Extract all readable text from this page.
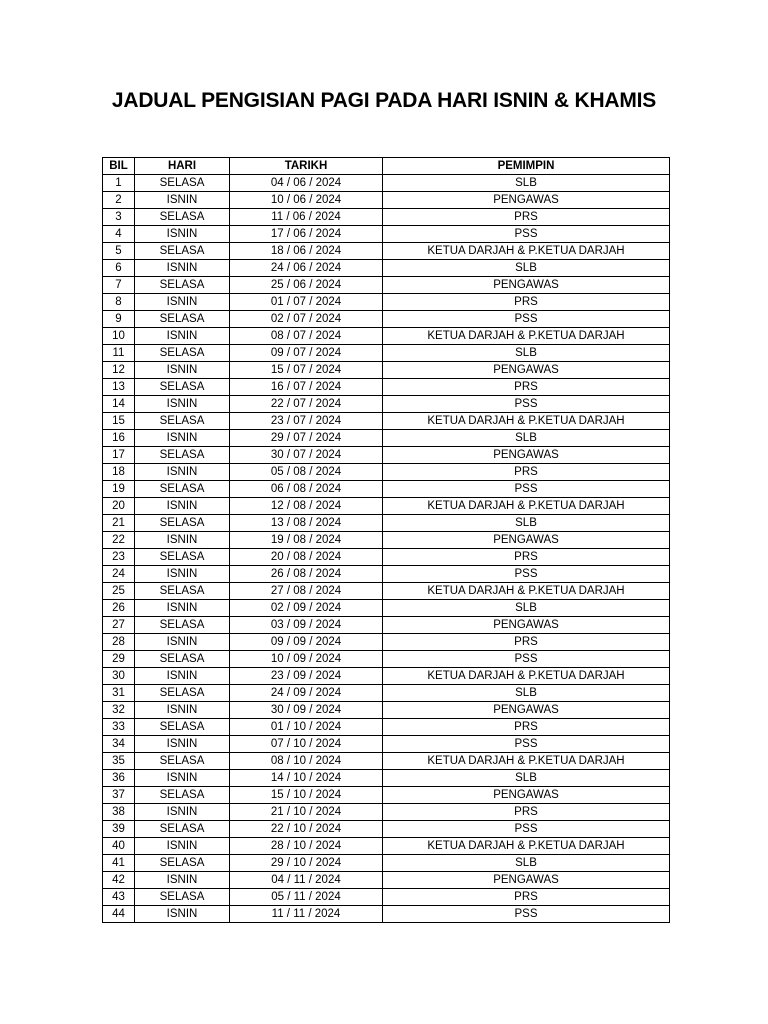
JADUAL PENGISIAN PAGI PADA HARI ISNIN & KHAMIS
BIL	HARI	TARIKH	PEMIMPIN
1	SELASA	04 / 06 / 2024	SLB
2	ISNIN	10 / 06 / 2024	PENGAWAS
3	SELASA	11 / 06 / 2024	PRS
4	ISNIN	17 / 06 / 2024	PSS
5	SELASA	18 / 06 / 2024	KETUA DARJAH & P.KETUA DARJAH
6	ISNIN	24 / 06 / 2024	SLB
7	SELASA	25 / 06 / 2024	PENGAWAS
8	ISNIN	01 / 07 / 2024	PRS
9	SELASA	02 / 07 / 2024	PSS
10	ISNIN	08 / 07 / 2024	KETUA DARJAH & P.KETUA DARJAH
11	SELASA	09 / 07 / 2024	SLB
12	ISNIN	15 / 07 / 2024	PENGAWAS
13	SELASA	16 / 07 / 2024	PRS
14	ISNIN	22 / 07 / 2024	PSS
15	SELASA	23 / 07 / 2024	KETUA DARJAH & P.KETUA DARJAH
16	ISNIN	29 / 07 / 2024	SLB
17	SELASA	30 / 07 / 2024	PENGAWAS
18	ISNIN	05 / 08 / 2024	PRS
19	SELASA	06 / 08 / 2024	PSS
20	ISNIN	12 / 08 / 2024	KETUA DARJAH & P.KETUA DARJAH
21	SELASA	13 / 08 / 2024	SLB
22	ISNIN	19 / 08 / 2024	PENGAWAS
23	SELASA	20 / 08 / 2024	PRS
24	ISNIN	26 / 08 / 2024	PSS
25	SELASA	27 / 08 / 2024	KETUA DARJAH & P.KETUA DARJAH
26	ISNIN	02 / 09 / 2024	SLB
27	SELASA	03 / 09 / 2024	PENGAWAS
28	ISNIN	09 / 09 / 2024	PRS
29	SELASA	10 / 09 / 2024	PSS
30	ISNIN	23 / 09 / 2024	KETUA DARJAH & P.KETUA DARJAH
31	SELASA	24 / 09 / 2024	SLB
32	ISNIN	30 / 09 / 2024	PENGAWAS
33	SELASA	01 / 10 / 2024	PRS
34	ISNIN	07 / 10 / 2024	PSS
35	SELASA	08 / 10 / 2024	KETUA DARJAH & P.KETUA DARJAH
36	ISNIN	14 / 10 / 2024	SLB
37	SELASA	15 / 10 / 2024	PENGAWAS
38	ISNIN	21 / 10 / 2024	PRS
39	SELASA	22 / 10 / 2024	PSS
40	ISNIN	28 / 10 / 2024	KETUA DARJAH & P.KETUA DARJAH
41	SELASA	29 / 10 / 2024	SLB
42	ISNIN	04 / 11 / 2024	PENGAWAS
43	SELASA	05 / 11 / 2024	PRS
44	ISNIN	11 / 11 / 2024	PSS
